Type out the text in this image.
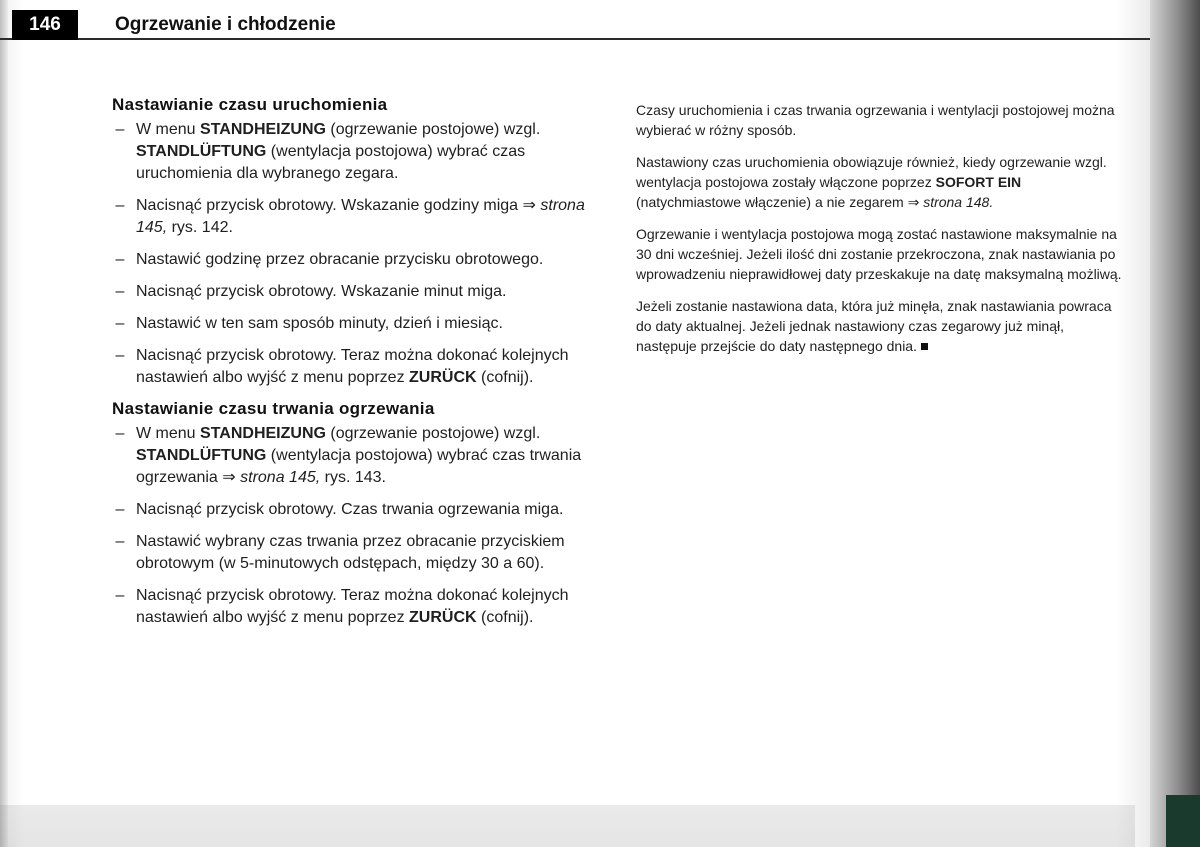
146	Ogrzewanie i chłodzenie
Nastawianie czasu uruchomienia
– W menu STANDHEIZUNG (ogrzewanie postojowe) wzgl. STANDLÜFTUNG (wentylacja postojowa) wybrać czas uruchomienia dla wybranego zegara.
– Nacisnąć przycisk obrotowy. Wskazanie godziny miga ⇒ strona 145, rys. 142.
– Nastawić godzinę przez obracanie przycisku obrotowego.
– Nacisnąć przycisk obrotowy. Wskazanie minut miga.
– Nastawić w ten sam sposób minuty, dzień i miesiąc.
– Nacisnąć przycisk obrotowy. Teraz można dokonać kolejnych nastawień albo wyjść z menu poprzez ZURÜCK (cofnij).
Nastawianie czasu trwania ogrzewania
– W menu STANDHEIZUNG (ogrzewanie postojowe) wzgl. STANDLÜFTUNG (wentylacja postojowa) wybrać czas trwania ogrzewania ⇒ strona 145, rys. 143.
– Nacisnąć przycisk obrotowy. Czas trwania ogrzewania miga.
– Nastawić wybrany czas trwania przez obracanie przyciskiem obrotowym (w 5-minutowych odstępach, między 30 a 60).
– Nacisnąć przycisk obrotowy. Teraz można dokonać kolejnych nastawień albo wyjść z menu poprzez ZURÜCK (cofnij).

Czasy uruchomienia i czas trwania ogrzewania i wentylacji postojowej można wybierać w różny sposób.

Nastawiony czas uruchomienia obowiązuje również, kiedy ogrzewanie wzgl. wentylacja postojowa zostały włączone poprzez SOFORT EIN (natychmiastowe włączenie) a nie zegarem ⇒ strona 148.

Ogrzewanie i wentylacja postojowa mogą zostać nastawione maksymalnie na 30 dni wcześniej. Jeżeli ilość dni zostanie przekroczona, znak nastawiania po wprowadzeniu nieprawidłowej daty przeskakuje na datę maksymalną możliwą.

Jeżeli zostanie nastawiona data, która już minęła, znak nastawiania powraca do daty aktualnej. Jeżeli jednak nastawiony czas zegarowy już minął, następuje przejście do daty następnego dnia.
